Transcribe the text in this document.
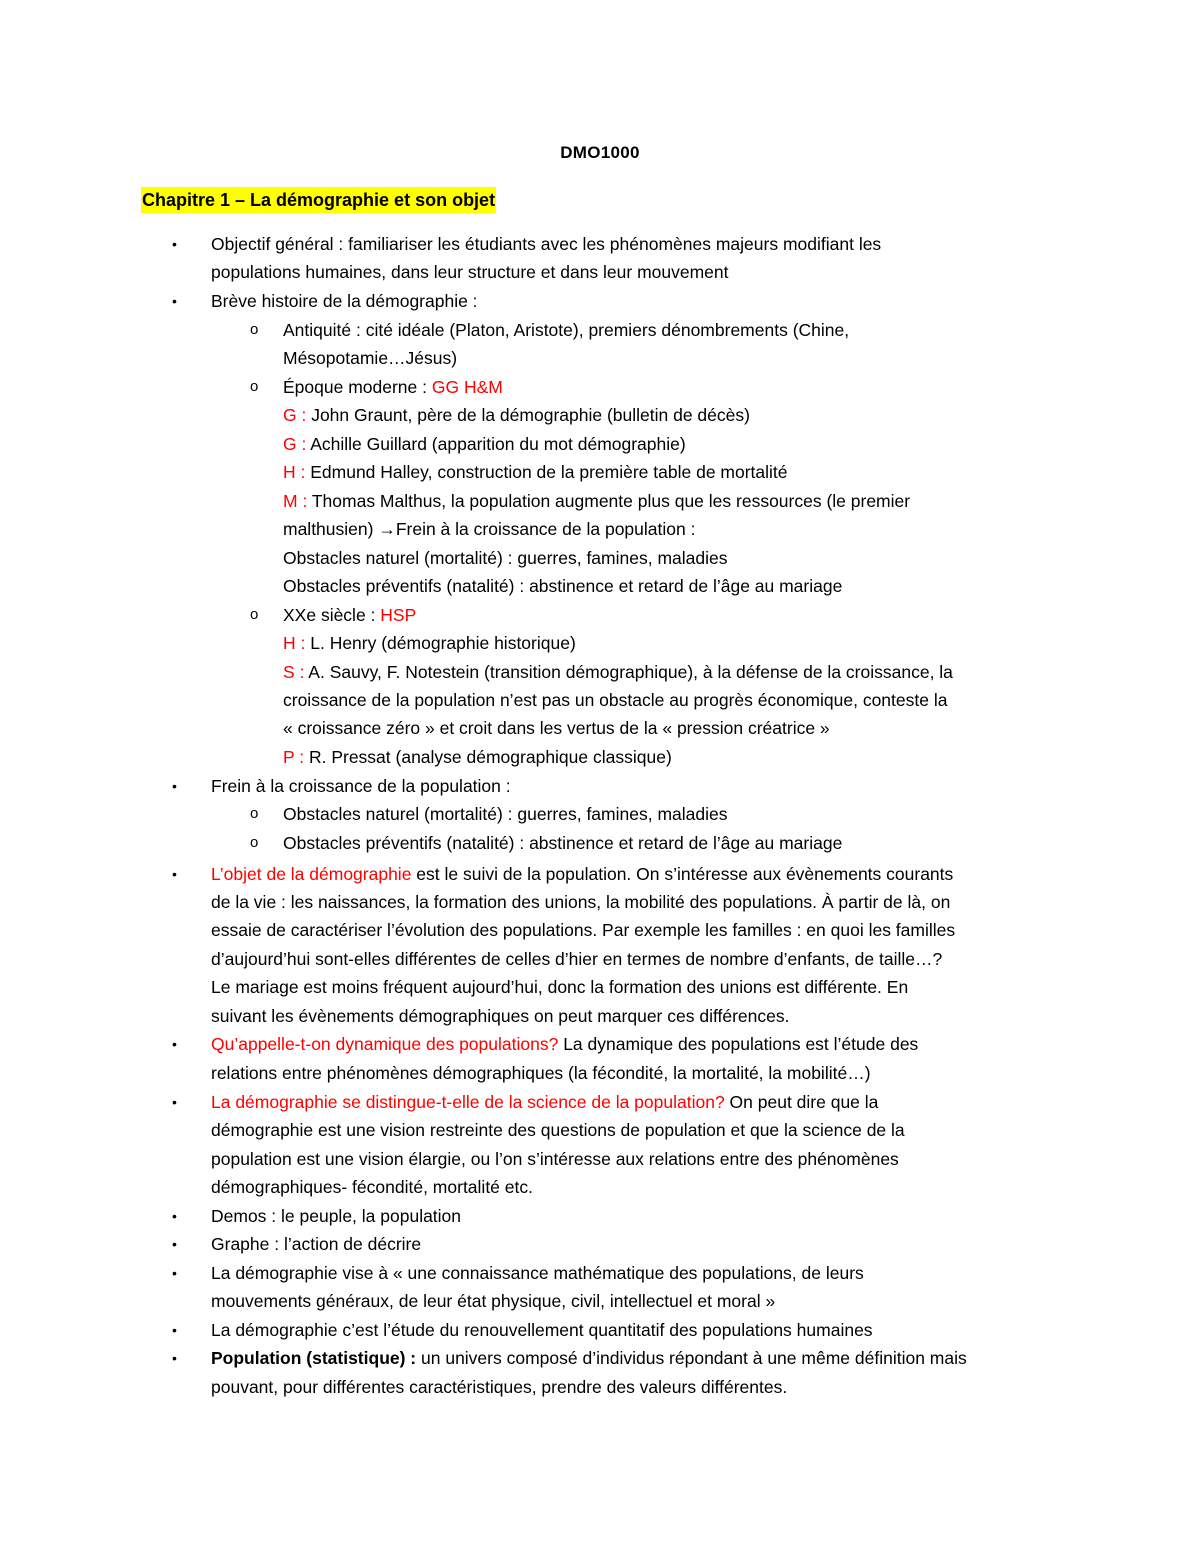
DMO1000
Chapitre 1 – La démographie et son objet
• Objectif général : familiariser les étudiants avec les phénomènes majeurs modifiant les
populations humaines, dans leur structure et dans leur mouvement
• Brève histoire de la démographie :
o Antiquité : cité idéale (Platon, Aristote), premiers dénombrements (Chine,
Mésopotamie…Jésus)
o Époque moderne : GG H&M
G : John Graunt, père de la démographie (bulletin de décès)
G : Achille Guillard (apparition du mot démographie)
H : Edmund Halley, construction de la première table de mortalité
M : Thomas Malthus, la population augmente plus que les ressources (le premier
malthusien) →Frein à la croissance de la population :
Obstacles naturel (mortalité) : guerres, famines, maladies
Obstacles préventifs (natalité) : abstinence et retard de l’âge au mariage
o XXe siècle : HSP
H : L. Henry (démographie historique)
S : A. Sauvy, F. Notestein (transition démographique), à la défense de la croissance, la
croissance de la population n’est pas un obstacle au progrès économique, conteste la
« croissance zéro » et croit dans les vertus de la « pression créatrice »
P : R. Pressat (analyse démographique classique)
• Frein à la croissance de la population :
o Obstacles naturel (mortalité) : guerres, famines, maladies
o Obstacles préventifs (natalité) : abstinence et retard de l’âge au mariage
• L’objet de la démographie est le suivi de la population. On s’intéresse aux évènements courants
de la vie : les naissances, la formation des unions, la mobilité des populations. À partir de là, on
essaie de caractériser l’évolution des populations. Par exemple les familles : en quoi les familles
d’aujourd’hui sont-elles différentes de celles d’hier en termes de nombre d’enfants, de taille…?
Le mariage est moins fréquent aujourd’hui, donc la formation des unions est différente. En
suivant les évènements démographiques on peut marquer ces différences.
• Qu’appelle-t-on dynamique des populations? La dynamique des populations est l’étude des
relations entre phénomènes démographiques (la fécondité, la mortalité, la mobilité…)
• La démographie se distingue-t-elle de la science de la population? On peut dire que la
démographie est une vision restreinte des questions de population et que la science de la
population est une vision élargie, ou l’on s’intéresse aux relations entre des phénomènes
démographiques- fécondité, mortalité etc.
• Demos : le peuple, la population
• Graphe : l’action de décrire
• La démographie vise à « une connaissance mathématique des populations, de leurs
mouvements généraux, de leur état physique, civil, intellectuel et moral »
• La démographie c’est l’étude du renouvellement quantitatif des populations humaines
• Population (statistique) : un univers composé d’individus répondant à une même définition mais
pouvant, pour différentes caractéristiques, prendre des valeurs différentes.
